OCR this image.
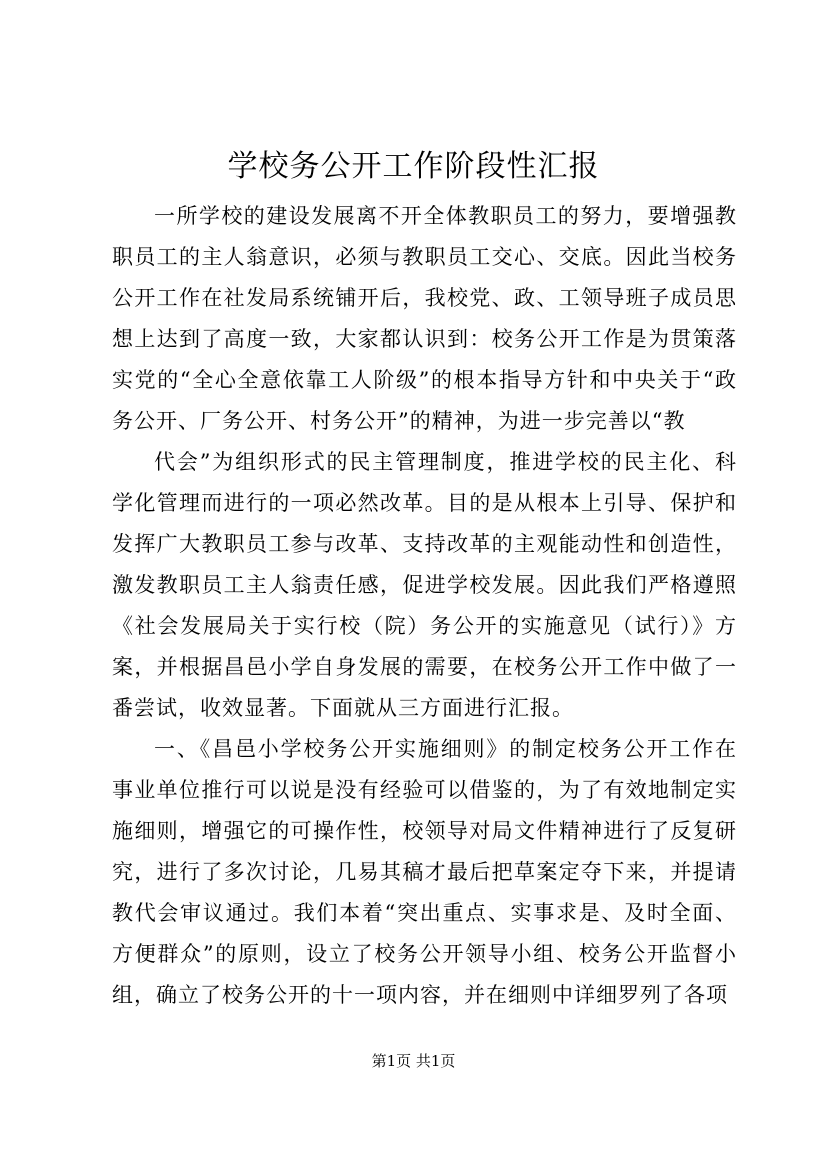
学校务公开工作阶段性汇报

一所学校的建设发展离不开全体教职员工的努力，要增强教职员工的主人翁意识，必须与教职员工交心、交底。因此当校务公开工作在社发局系统铺开后，我校党、政、工领导班子成员思想上达到了高度一致，大家都认识到：校务公开工作是为贯策落实党的“全心全意依靠工人阶级”的根本指导方针和中央关于“政务公开、厂务公开、村务公开”的精神，为进一步完善以“教

代会”为组织形式的民主管理制度，推进学校的民主化、科学化管理而进行的一项必然改革。目的是从根本上引导、保护和发挥广大教职员工参与改革、支持改革的主观能动性和创造性，激发教职员工主人翁责任感，促进学校发展。因此我们严格遵照《社会发展局关于实行校（院）务公开的实施意见（试行）》方案，并根据昌邑小学自身发展的需要，在校务公开工作中做了一番尝试，收效显著。下面就从三方面进行汇报。

一、《昌邑小学校务公开实施细则》的制定校务公开工作在事业单位推行可以说是没有经验可以借鉴的，为了有效地制定实施细则，增强它的可操作性，校领导对局文件精神进行了反复研究，进行了多次讨论，几易其稿才最后把草案定夺下来，并提请教代会审议通过。我们本着“突出重点、实事求是、及时全面、方便群众”的原则，设立了校务公开领导小组、校务公开监督小组，确立了校务公开的十一项内容，并在细则中详细罗列了各项

第1页 共1页
